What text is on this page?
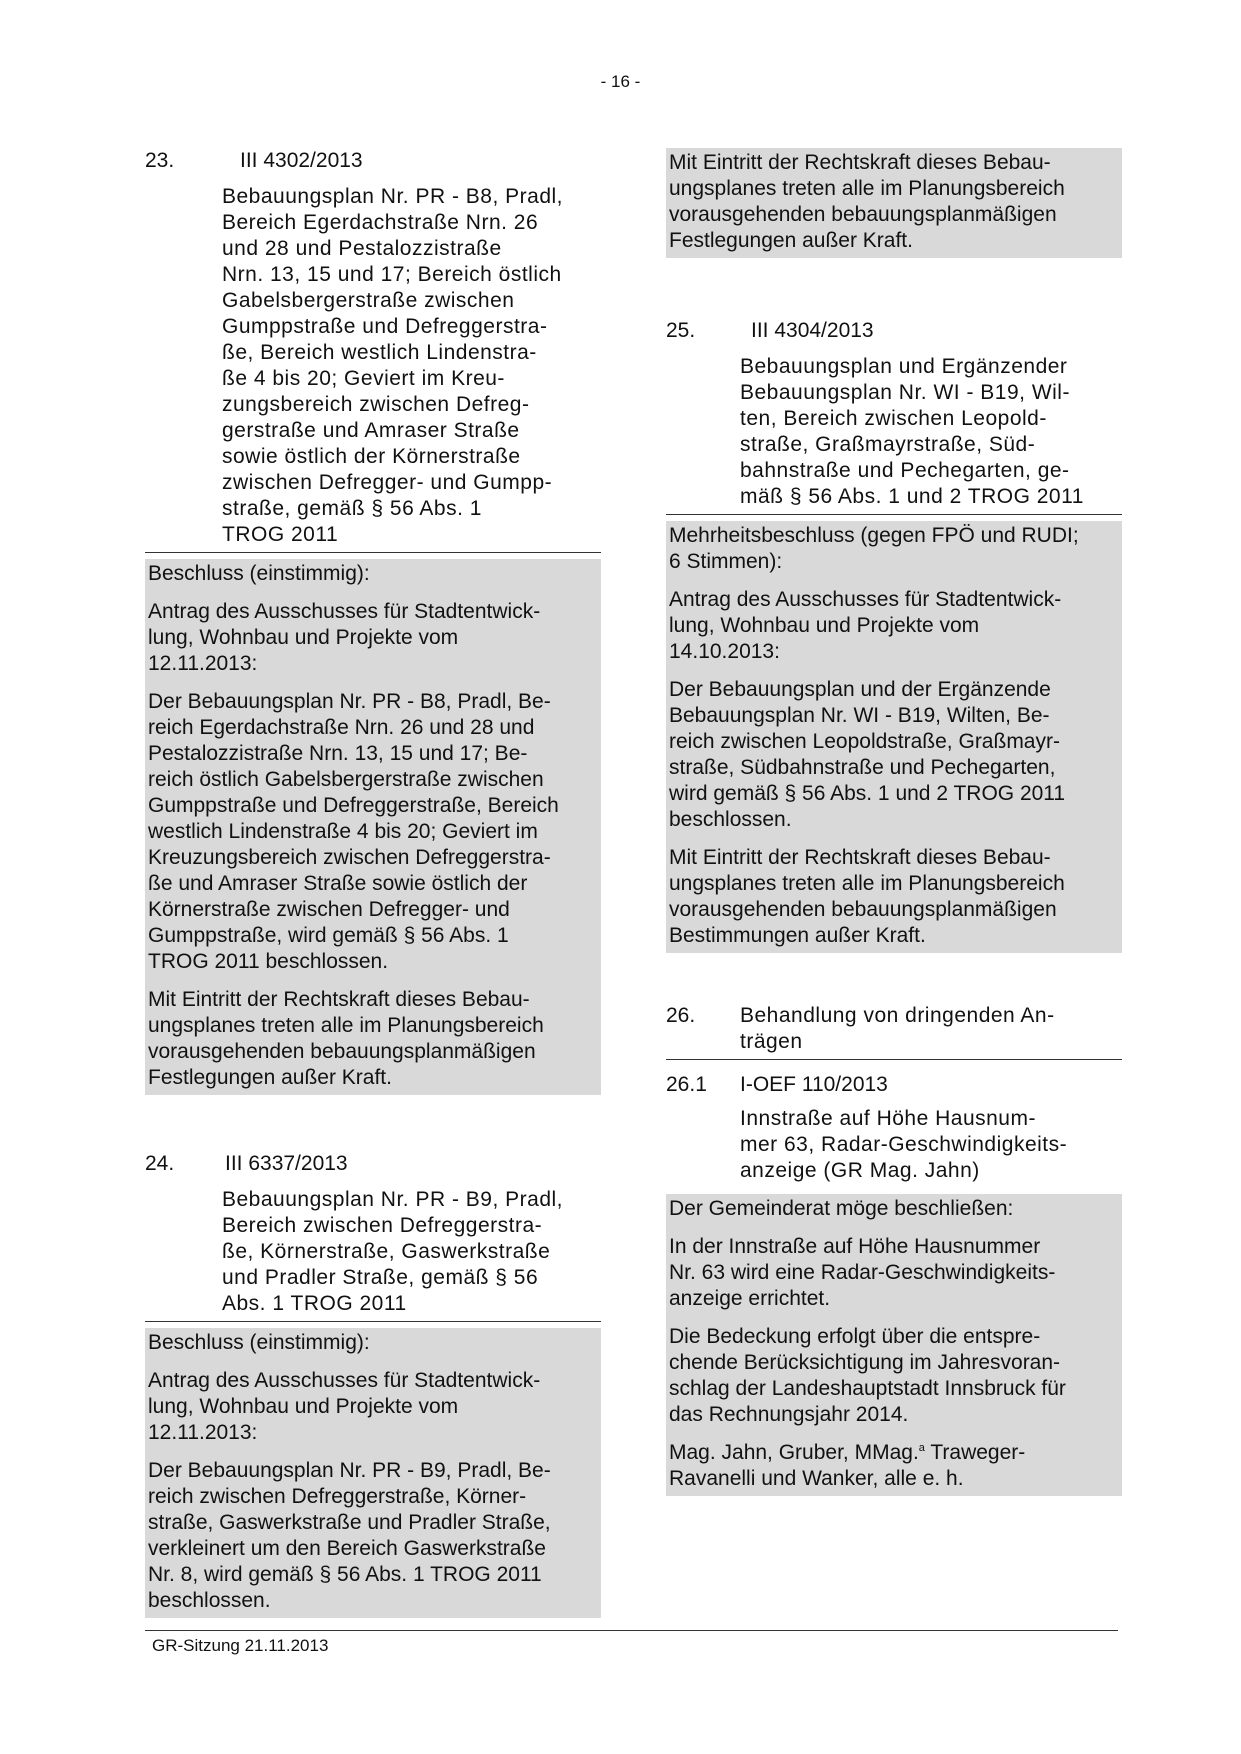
- 16 -
23.	III 4302/2013
Bebauungsplan Nr. PR - B8, Pradl,
Bereich Egerdachstraße Nrn. 26
und 28 und Pestalozzistraße
Nrn. 13, 15 und 17; Bereich östlich
Gabelsbergerstraße zwischen
Gumppstraße und Defreggerstra-
ße, Bereich westlich Lindenstra-
ße 4 bis 20; Geviert im Kreu-
zungsbereich zwischen Defreg-
gerstraße und Amraser Straße
sowie östlich der Körnerstraße
zwischen Defregger- und Gumpp-
straße, gemäß § 56 Abs. 1
TROG 2011

Beschluss (einstimmig):

Antrag des Ausschusses für Stadtentwick-
lung, Wohnbau und Projekte vom
12.11.2013:

Der Bebauungsplan Nr. PR - B8, Pradl, Be-
reich Egerdachstraße Nrn. 26 und 28 und
Pestalozzistraße Nrn. 13, 15 und 17; Be-
reich östlich Gabelsbergerstraße zwischen
Gumppstraße und Defreggerstraße, Bereich
westlich Lindenstraße 4 bis 20; Geviert im
Kreuzungsbereich zwischen Defreggerstra-
ße und Amraser Straße sowie östlich der
Körnerstraße zwischen Defregger- und
Gumppstraße, wird gemäß § 56 Abs. 1
TROG 2011 beschlossen.

Mit Eintritt der Rechtskraft dieses Bebau-
ungsplanes treten alle im Planungsbereich
vorausgehenden bebauungsplanmäßigen
Festlegungen außer Kraft.

24.	III 6337/2013
Bebauungsplan Nr. PR - B9, Pradl,
Bereich zwischen Defreggerstra-
ße, Körnerstraße, Gaswerkstraße
und Pradler Straße, gemäß § 56
Abs. 1 TROG 2011

Beschluss (einstimmig):

Antrag des Ausschusses für Stadtentwick-
lung, Wohnbau und Projekte vom
12.11.2013:

Der Bebauungsplan Nr. PR - B9, Pradl, Be-
reich zwischen Defreggerstraße, Körner-
straße, Gaswerkstraße und Pradler Straße,
verkleinert um den Bereich Gaswerkstraße
Nr. 8, wird gemäß § 56 Abs. 1 TROG 2011
beschlossen.

Mit Eintritt der Rechtskraft dieses Bebau-
ungsplanes treten alle im Planungsbereich
vorausgehenden bebauungsplanmäßigen
Festlegungen außer Kraft.

25.	III 4304/2013
Bebauungsplan und Ergänzender
Bebauungsplan Nr. WI - B19, Wil-
ten, Bereich zwischen Leopold-
straße, Graßmayrstraße, Süd-
bahnstraße und Pechegarten, ge-
mäß § 56 Abs. 1 und 2 TROG 2011

Mehrheitsbeschluss (gegen FPÖ und RUDI;
6 Stimmen):

Antrag des Ausschusses für Stadtentwick-
lung, Wohnbau und Projekte vom
14.10.2013:

Der Bebauungsplan und der Ergänzende
Bebauungsplan Nr. WI - B19, Wilten, Be-
reich zwischen Leopoldstraße, Graßmayr-
straße, Südbahnstraße und Pechegarten,
wird gemäß § 56 Abs. 1 und 2 TROG 2011
beschlossen.

Mit Eintritt der Rechtskraft dieses Bebau-
ungsplanes treten alle im Planungsbereich
vorausgehenden bebauungsplanmäßigen
Bestimmungen außer Kraft.

26.	Behandlung von dringenden An-
trägen
26.1	I-OEF 110/2013
Innstraße auf Höhe Hausnum-
mer 63, Radar-Geschwindigkeits-
anzeige (GR Mag. Jahn)

Der Gemeinderat möge beschließen:

In der Innstraße auf Höhe Hausnummer
Nr. 63 wird eine Radar-Geschwindigkeits-
anzeige errichtet.

Die Bedeckung erfolgt über die entspre-
chende Berücksichtigung im Jahresvoran-
schlag der Landeshauptstadt Innsbruck für
das Rechnungsjahr 2014.

Mag. Jahn, Gruber, MMag.$^a$ Traweger-
Ravanelli und Wanker, alle e. h.

GR-Sitzung 21.11.2013
